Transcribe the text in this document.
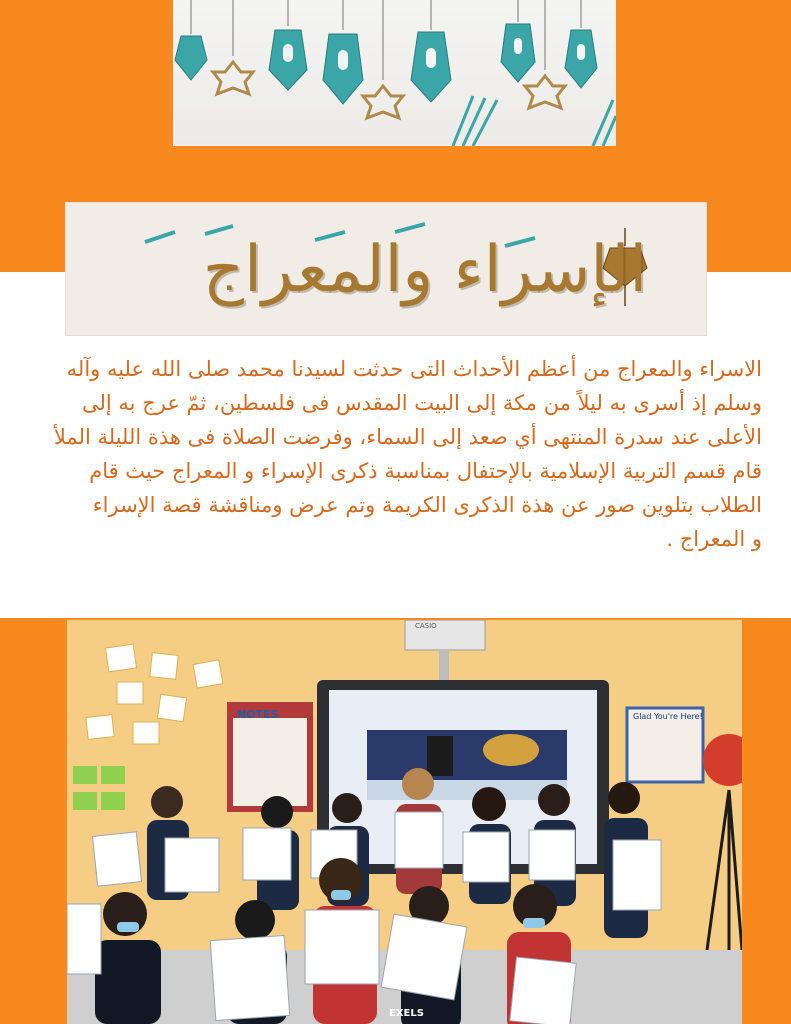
الإسراء والمعراج

الاسراء والمعراج من أعظم الأحداث التى حدثت لسيدنا محمد صلى الله عليه وآله

وسلم إذ أسرى به ليلاً من مكة إلى البيت المقدس فى فلسطين، ثمّ عرج به إلى

الأعلى عند سدرة المنتهى أي صعد إلى السماء، وفرضت الصلاة فى هذة الليلة الملأ

قام قسم التربية الإسلامية بالإحتفال بمناسبة ذكرى الإسراء و المعراج حيث قام

الطلاب بتلوين صور عن هذة الذكرى الكريمة وتم عرض ومناقشة قصة الإسراء

و المعراج .

CASIO
NOTES	Glad You're Here!
EXELS
